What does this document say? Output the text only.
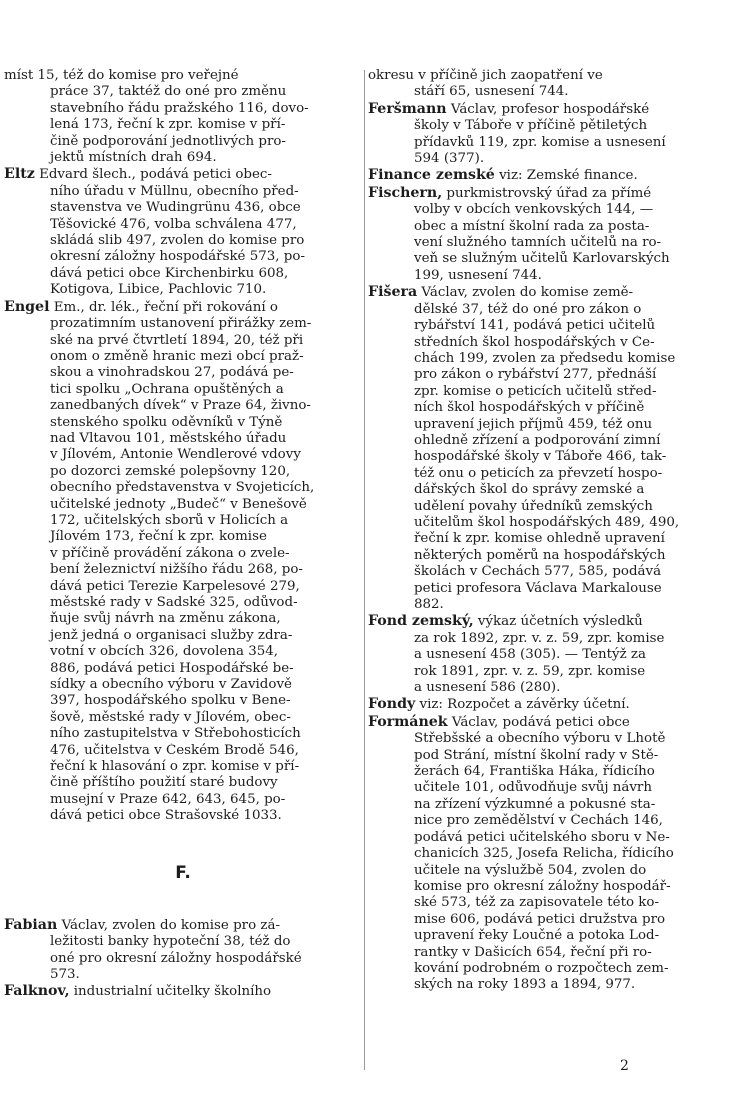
míst 15, též do komise pro veřejné
práce 37, taktéž do oné pro změnu
stavebního řádu pražského 116, dovo-
lená 173, řeční k zpr. komise v pří-
čině podporování jednotlivých pro-
jektů místních drah 694.
Eltz Edvard šlech., podává petici obec-
ního úřadu v Müllnu, obecního před-
stavenstva ve Wudingrünu 436, obce
Těšovické 476, volba schválena 477,
skládá slib 497, zvolen do komise pro
okresní záložny hospodářské 573, po-
dává petici obce Kirchenbirku 608,
Kotigova, Libice, Pachlovic 710.
Engel Em., dr. lék., řeční při rokování o
prozatimním ustanovení přirážky zem-
ské na prvé čtvrtletí 1894, 20, též při
onom o změně hranic mezi obcí praž-
skou a vinohradskou 27, podává pe-
tici spolku „Ochrana opuštěných a
zanedbaných dívek“ v Praze 64, živno-
stenského spolku oděvníků v Týně
nad Vltavou 101, městského úřadu
v Jílovém, Antonie Wendlerové vdovy
po dozorci zemské polepšovny 120,
obecního představenstva v Svojeticích,
učitelské jednoty „Budeč“ v Benešově
172, učitelských sborů v Holicích a
Jílovém 173, řeční k zpr. komise
v příčině provádění zákona o zvele-
bení železnictví nižšího řádu 268, po-
dává petici Terezie Karpelesové 279,
městské rady v Sadské 325, odůvod-
ňuje svůj návrh na změnu zákona,
jenž jedná o organisaci služby zdra-
votní v obcích 326, dovolena 354,
886, podává petici Hospodářské be-
sídky a obecního výboru v Zavidově
397, hospodářského spolku v Bene-
šově, městské rady v Jílovém, obec-
ního zastupitelstva v Střebohosticích
476, učitelstva v Českém Brodě 546,
řeční k hlasování o zpr. komise v pří-
čině příštího použití staré budovy
musejní v Praze 642, 643, 645, po-
dává petici obce Strašovské 1033.
F.
Fabian Václav, zvolen do komise pro zá-
ležitosti banky hypoteční 38, též do
oné pro okresní záložny hospodářské
573.
Falknov, industrialní učitelky školního
okresu v příčině jich zaopatření ve
stáří 65, usnesení 744.
Feršmann Václav, profesor hospodářské
školy v Táboře v příčině pětiletých
přídavků 119, zpr. komise a usnesení
594 (377).
Finance zemské viz: Zemské finance.
Fischern, purkmistrovský úřad za přímé
volby v obcích venkovských 144, —
obec a místní školní rada za posta-
vení služného tamních učitelů na ro-
veň se služným učitelů Karlovarských
199, usnesení 744.
Fišera Václav, zvolen do komise země-
dělské 37, též do oné pro zákon o
rybářství 141, podává petici učitelů
středních škol hospodářských v Če-
chách 199, zvolen za předsedu komise
pro zákon o rybářství 277, přednáší
zpr. komise o peticích učitelů střed-
ních škol hospodářských v příčině
upravení jejich příjmů 459, též onu
ohledně zřízení a podporování zimní
hospodářské školy v Táboře 466, tak-
též onu o peticích za převzetí hospo-
dářských škol do správy zemské a
udělení povahy úředníků zemských
učitelům škol hospodářských 489, 490,
řeční k zpr. komise ohledně upravení
některých poměrů na hospodářských
školách v Čechách 577, 585, podává
petici profesora Václava Markalouse
882.
Fond zemský, výkaz účetních výsledků
za rok 1892, zpr. v. z. 59, zpr. komise
a usnesení 458 (305). — Tentýž za
rok 1891, zpr. v. z. 59, zpr. komise
a usnesení 586 (280).
Fondy viz: Rozpočet a závěrky účetní.
Formánek Václav, podává petici obce
Střebšské a obecního výboru v Lhotě
pod Strání, místní školní rady v Stě-
žerách 64, Františka Háka, řídicího
učitele 101, odůvodňuje svůj návrh
na zřízení výzkumné a pokusné sta-
nice pro zemědělství v Čechách 146,
podává petici učitelského sboru v Ne-
chanicích 325, Josefa Relicha, řídicího
učitele na výslužbě 504, zvolen do
komise pro okresní záložny hospodář-
ské 573, též za zapisovatele této ko-
mise 606, podává petici družstva pro
upravení řeky Loučné a potoka Lod-
rantky v Dašicích 654, řeční při ro-
kování podrobném o rozpočtech zem-
ských na roky 1893 a 1894, 977.
2
